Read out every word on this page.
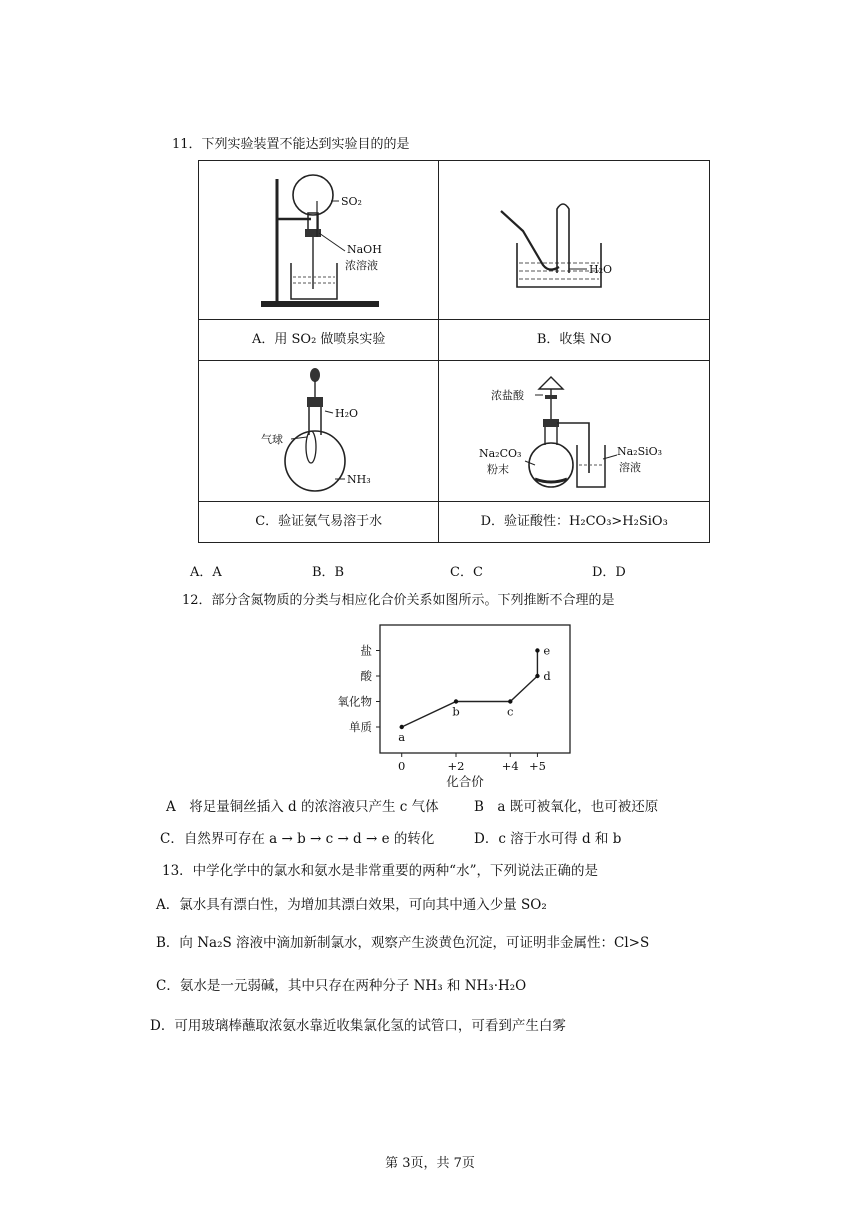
11．下列实验装置不能达到实验目的的是
SO₂
NaOH
浓溶液	H₂O

A．用 SO₂ 做喷泉实验	B．收集 NO

H₂O
气球
NH₃	浓盐酸
Na₂CO₃
粉末
Na₂SiO₃
溶液

C．验证氨气易溶于水	D．验证酸性：H₂CO₃>H₂SiO₃
A．A	B．B	C．C	D．D
12．部分含氮物质的分类与相应化合价关系如图所示。下列推断不合理的是
单质
氧化物
酸
盐
0	+2	+4 +5
化合价
a
b	c
d
e
A　将足量铜丝插入 d 的浓溶液只产生 c 气体	B　a 既可被氧化，也可被还原
C．自然界可存在 a → b → c → d → e 的转化	D．c 溶于水可得 d 和 b
13．中学化学中的氯水和氨水是非常重要的两种“水”，下列说法正确的是
A．氯水具有漂白性，为增加其漂白效果，可向其中通入少量 SO₂
B．向 Na₂S 溶液中滴加新制氯水，观察产生淡黄色沉淀，可证明非金属性：Cl>S
C．氨水是一元弱碱，其中只存在两种分子 NH₃ 和 NH₃·H₂O
D．可用玻璃棒蘸取浓氨水靠近收集氯化氢的试管口，可看到产生白雾
第 3页，共 7页
